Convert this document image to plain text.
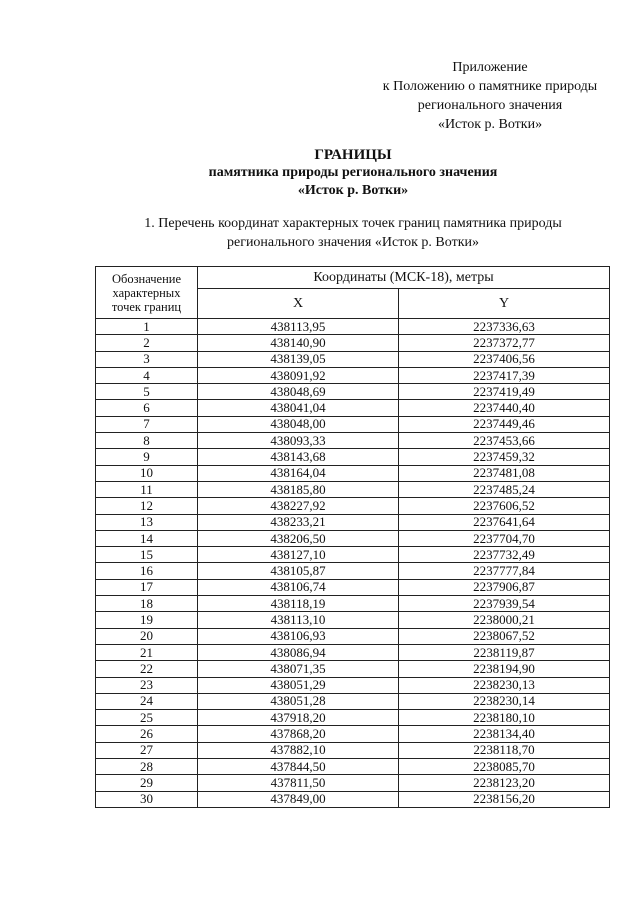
Приложение
к Положению о памятнике природы
регионального значения
«Исток р. Вотки»
ГРАНИЦЫ
памятника природы регионального значения
«Исток р. Вотки»
1. Перечень координат характерных точек границ памятника природы
регионального значения «Исток р. Вотки»
Обозначение
характерных
точек границ	Координаты (МСК-18), метры	
	X	Y
1	438113,95	2237336,63
2	438140,90	2237372,77
3	438139,05	2237406,56
4	438091,92	2237417,39
5	438048,69	2237419,49
6	438041,04	2237440,40
7	438048,00	2237449,46
8	438093,33	2237453,66
9	438143,68	2237459,32
10	438164,04	2237481,08
11	438185,80	2237485,24
12	438227,92	2237606,52
13	438233,21	2237641,64
14	438206,50	2237704,70
15	438127,10	2237732,49
16	438105,87	2237777,84
17	438106,74	2237906,87
18	438118,19	2237939,54
19	438113,10	2238000,21
20	438106,93	2238067,52
21	438086,94	2238119,87
22	438071,35	2238194,90
23	438051,29	2238230,13
24	438051,28	2238230,14
25	437918,20	2238180,10
26	437868,20	2238134,40
27	437882,10	2238118,70
28	437844,50	2238085,70
29	437811,50	2238123,20
30	437849,00	2238156,20
